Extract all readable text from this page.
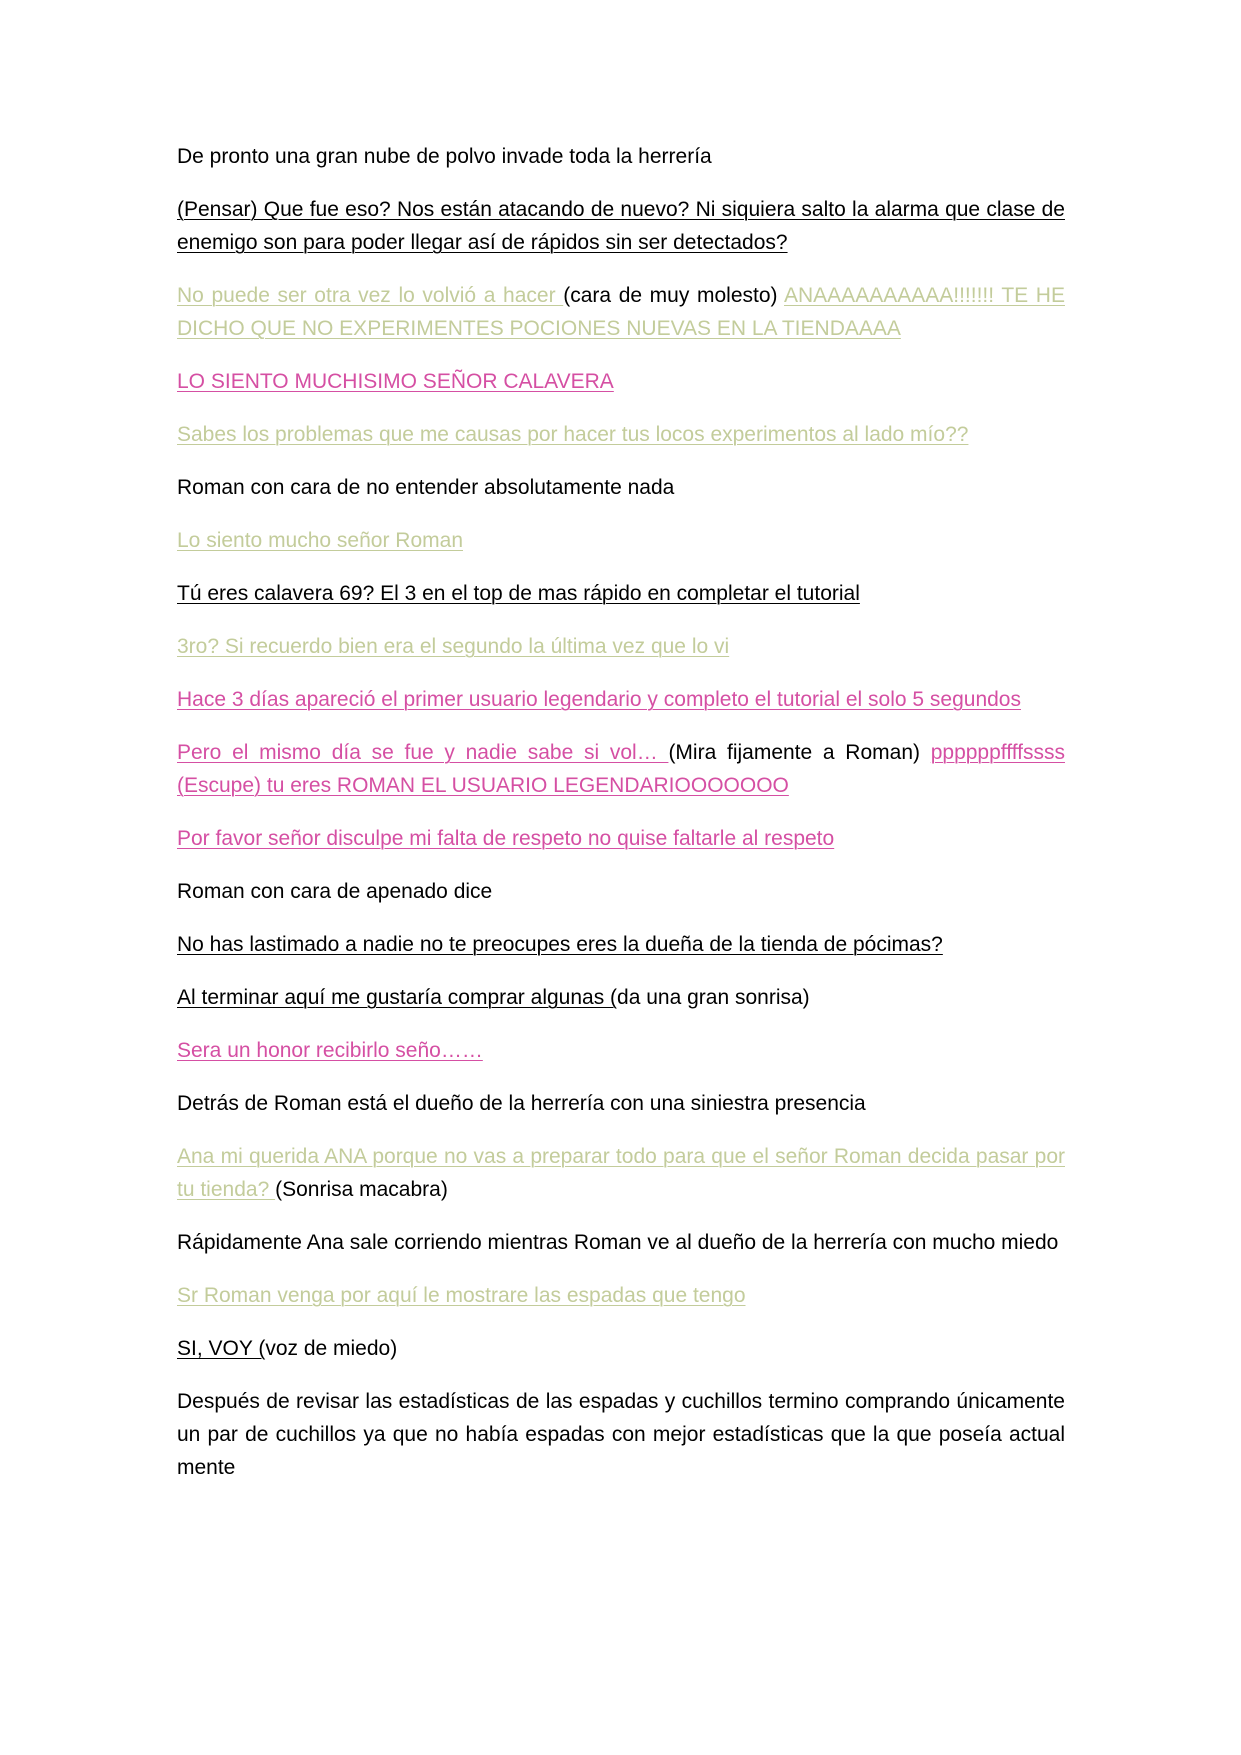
De pronto una gran nube de polvo invade toda la herrería

(Pensar) Que fue eso? Nos están atacando de nuevo? Ni siquiera salto la alarma que clase de enemigo son para poder llegar así de rápidos sin ser detectados?

No puede ser otra vez lo volvió a hacer (cara de muy molesto) ANAAAAAAAAAA!!!!!!! TE HE DICHO QUE NO EXPERIMENTES POCIONES NUEVAS EN LA TIENDAAAA

LO SIENTO MUCHISIMO SEÑOR CALAVERA

Sabes los problemas que me causas por hacer tus locos experimentos al lado mío??

Roman con cara de no entender absolutamente nada

Lo siento mucho señor Roman

Tú eres calavera 69? El 3 en el top de mas rápido en completar el tutorial

3ro? Si recuerdo bien era el segundo la última vez que lo vi

Hace 3 días apareció el primer usuario legendario y completo el tutorial el solo 5 segundos

Pero el mismo día se fue y nadie sabe si vol… (Mira fijamente a Roman) ppppppffffssss (Escupe) tu eres ROMAN EL USUARIO LEGENDARIOOOOOOO

Por favor señor disculpe mi falta de respeto no quise faltarle al respeto

Roman con cara de apenado dice

No has lastimado a nadie no te preocupes eres la dueña de la tienda de pócimas?

Al terminar aquí me gustaría comprar algunas (da una gran sonrisa)

Sera un honor recibirlo seño……

Detrás de Roman está el dueño de la herrería con una siniestra presencia

Ana mi querida ANA porque no vas a preparar todo para que el señor Roman decida pasar por tu tienda? (Sonrisa macabra)

Rápidamente Ana sale corriendo mientras Roman ve al dueño de la herrería con mucho miedo

Sr Roman venga por aquí le mostrare las espadas que tengo

SI, VOY (voz de miedo)

Después de revisar las estadísticas de las espadas y cuchillos termino comprando únicamente un par de cuchillos ya que no había espadas con mejor estadísticas que la que poseía actual mente
